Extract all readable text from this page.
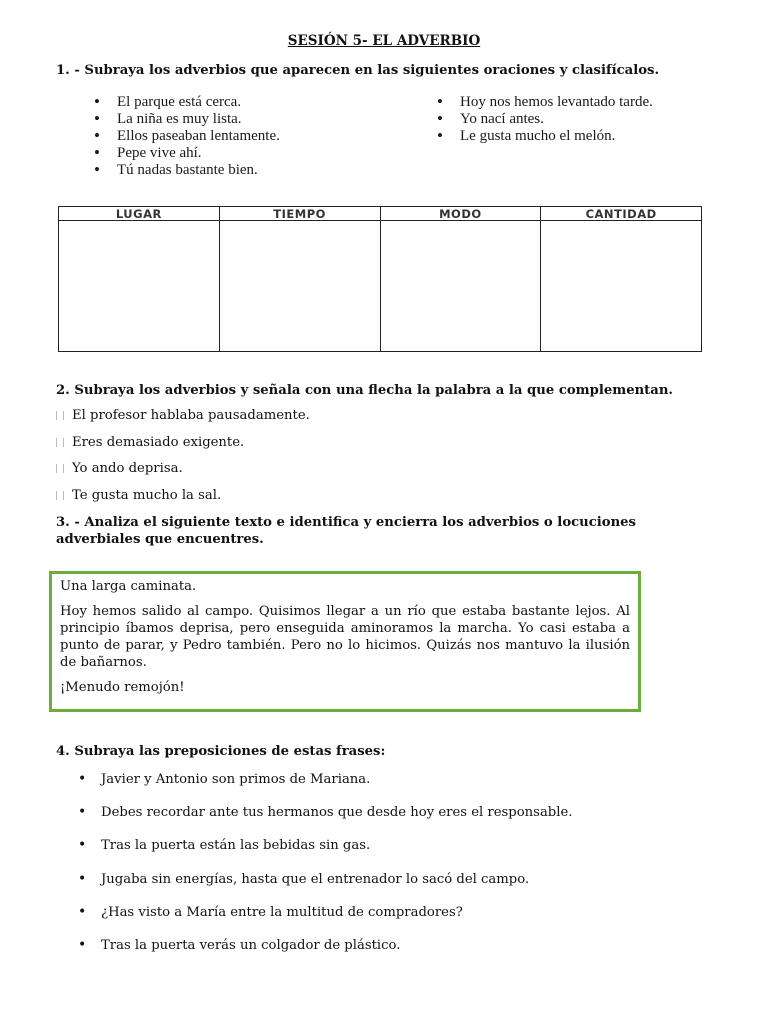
SESIÓN 5- EL ADVERBIO
1. - Subraya los adverbios que aparecen en las siguientes oraciones y clasifícalos.
• El parque está cerca.
• La niña es muy lista.
• Ellos paseaban lentamente.
• Pepe vive ahí.
• Tú nadas bastante bien.
• Hoy nos hemos levantado tarde.
• Yo nací antes.
• Le gusta mucho el melón.
LUGAR	TIEMPO	MODO	CANTIDAD

2. Subraya los adverbios y señala con una flecha la palabra a la que complementan.
El profesor hablaba pausadamente.
Eres demasiado exigente.
Yo ando deprisa.
Te gusta mucho la sal.
3. - Analiza el siguiente texto e identifica y encierra los adverbios o locuciones adverbiales que encuentres.

Una larga caminata.

Hoy hemos salido al campo. Quisimos llegar a un río que estaba bastante lejos. Al principio íbamos deprisa, pero enseguida aminoramos la marcha. Yo casi estaba a punto de parar, y Pedro también. Pero no lo hicimos. Quizás nos mantuvo la ilusión de bañarnos.

¡Menudo remojón!

4. Subraya las preposiciones de estas frases:
• Javier y Antonio son primos de Mariana.
• Debes recordar ante tus hermanos que desde hoy eres el responsable.
• Tras la puerta están las bebidas sin gas.
• Jugaba sin energías, hasta que el entrenador lo sacó del campo.
• ¿Has visto a María entre la multitud de compradores?
• Tras la puerta verás un colgador de plástico.
